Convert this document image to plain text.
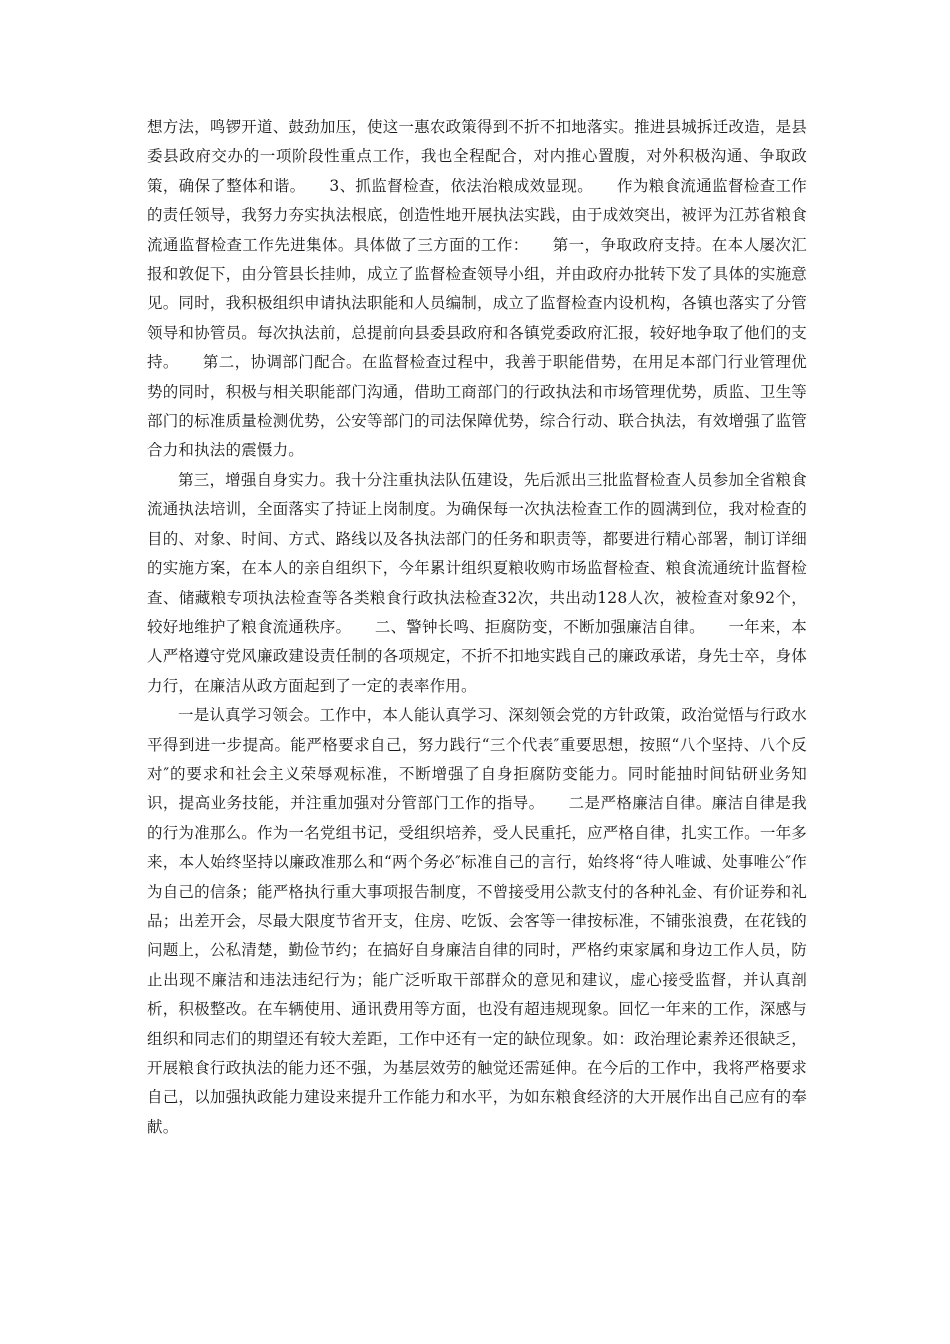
想方法，鸣锣开道、鼓劲加压，使这一惠农政策得到不折不扣地落实。推进县城拆迁改造，是县委县政府交办的一项阶段性重点工作，我也全程配合，对内推心置腹，对外积极沟通、争取政策，确保了整体和谐。　　3、抓监督检查，依法治粮成效显现。　　作为粮食流通监督检查工作的责任领导，我努力夯实执法根底，创造性地开展执法实践，由于成效突出，被评为江苏省粮食流通监督检查工作先进集体。具体做了三方面的工作：　　第一，争取政府支持。在本人屡次汇报和敦促下，由分管县长挂帅，成立了监督检查领导小组，并由政府办批转下发了具体的实施意见。同时，我积极组织申请执法职能和人员编制，成立了监督检查内设机构，各镇也落实了分管领导和协管员。每次执法前，总提前向县委县政府和各镇党委政府汇报，较好地争取了他们的支持。　　第二，协调部门配合。在监督检查过程中，我善于职能借势，在用足本部门行业管理优势的同时，积极与相关职能部门沟通，借助工商部门的行政执法和市场管理优势，质监、卫生等部门的标准质量检测优势，公安等部门的司法保障优势，综合行动、联合执法，有效增强了监管合力和执法的震慑力。

第三，增强自身实力。我十分注重执法队伍建设，先后派出三批监督检查人员参加全省粮食流通执法培训，全面落实了持证上岗制度。为确保每一次执法检查工作的圆满到位，我对检查的目的、对象、时间、方式、路线以及各执法部门的任务和职责等，都要进行精心部署，制订详细的实施方案，在本人的亲自组织下，今年累计组织夏粮收购市场监督检查、粮食流通统计监督检查、储藏粮专项执法检查等各类粮食行政执法检查32次，共出动128人次，被检查对象92个，较好地维护了粮食流通秩序。　　二、警钟长鸣、拒腐防变，不断加强廉洁自律。　　一年来，本人严格遵守党风廉政建设责任制的各项规定，不折不扣地实践自己的廉政承诺，身先士卒，身体力行，在廉洁从政方面起到了一定的表率作用。

一是认真学习领会。工作中，本人能认真学习、深刻领会党的方针政策，政治觉悟与行政水平得到进一步提高。能严格要求自己，努力践行“三个代表″重要思想，按照“八个坚持、八个反对″的要求和社会主义荣辱观标准，不断增强了自身拒腐防变能力。同时能抽时间钻研业务知识，提高业务技能，并注重加强对分管部门工作的指导。　　二是严格廉洁自律。廉洁自律是我的行为准那么。作为一名党组书记，受组织培养，受人民重托，应严格自律，扎实工作。一年多来，本人始终坚持以廉政准那么和“两个务必″标准自己的言行，始终将“待人唯诚、处事唯公″作为自己的信条；能严格执行重大事项报告制度，不曾接受用公款支付的各种礼金、有价证券和礼品；出差开会，尽最大限度节省开支，住房、吃饭、会客等一律按标准，不铺张浪费，在花钱的问题上，公私清楚，勤俭节约；在搞好自身廉洁自律的同时，严格约束家属和身边工作人员，防止出现不廉洁和违法违纪行为；能广泛听取干部群众的意见和建议，虚心接受监督，并认真剖析，积极整改。在车辆使用、通讯费用等方面，也没有超违规现象。回忆一年来的工作，深感与组织和同志们的期望还有较大差距，工作中还有一定的缺位现象。如：政治理论素养还很缺乏，开展粮食行政执法的能力还不强，为基层效劳的触觉还需延伸。在今后的工作中，我将严格要求自己，以加强执政能力建设来提升工作能力和水平，为如东粮食经济的大开展作出自己应有的奉献。
